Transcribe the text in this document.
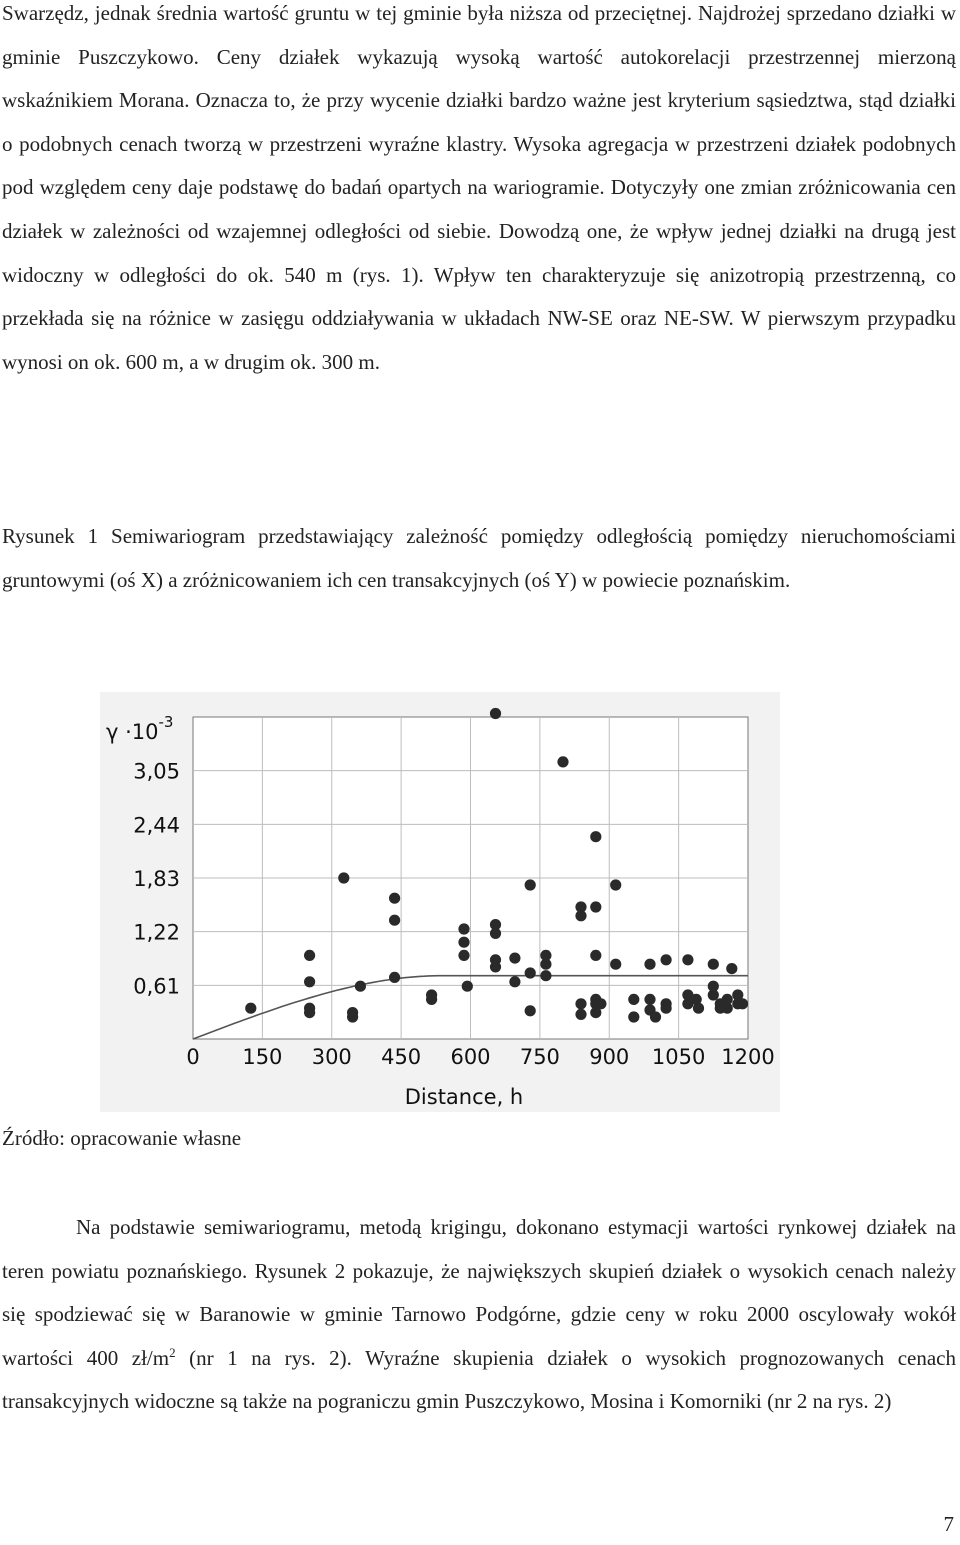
Swarzędz, jednak średnia wartość gruntu w tej gminie była niższa od przeciętnej. Najdrożej sprzedano działki w gminie Puszczykowo. Ceny działek wykazują wysoką wartość autokorelacji przestrzennej mierzoną wskaźnikiem Morana. Oznacza to, że przy wycenie działki bardzo ważne jest kryterium sąsiedztwa, stąd działki o podobnych cenach tworzą w przestrzeni wyraźne klastry. Wysoka agregacja w przestrzeni działek podobnych pod względem ceny daje podstawę do badań opartych na wariogramie. Dotyczyły one zmian zróżnicowania cen działek w zależności od wzajemnej odległości od siebie. Dowodzą one, że wpływ jednej działki na drugą jest widoczny w odległości do ok. 540 m (rys. 1). Wpływ ten charakteryzuje się anizotropią przestrzenną, co przekłada się na różnice w zasięgu oddziaływania w układach NW-SE oraz NE-SW. W pierwszym przypadku wynosi on ok. 600 m, a w drugim ok. 300 m.

Rysunek 1 Semiwariogram przedstawiający zależność pomiędzy odległością pomiędzy nieruchomościami gruntowymi (oś X) a zróżnicowaniem ich cen transakcyjnych (oś Y) w powiecie poznańskim.

0 150 300 450 600 750 900 1050 1200
0,61
1,22
1,83
2,44
3,05
$\gamma \cdot 10^{-3}$
Distance, h

Źródło: opracowanie własne

Na podstawie semiwariogramu, metodą krigingu, dokonano estymacji wartości rynkowej działek na teren powiatu poznańskiego. Rysunek 2 pokazuje, że największych skupień działek o wysokich cenach należy się spodziewać się w Baranowie w gminie Tarnowo Podgórne, gdzie ceny w roku 2000 oscylowały wokół wartości 400 $zł/m^2$ (nr 1 na rys. 2). Wyraźne skupienia działek o wysokich prognozowanych cenach transakcyjnych widoczne są także na pograniczu gmin Puszczykowo, Mosina i Komorniki (nr 2 na rys. 2)

7
